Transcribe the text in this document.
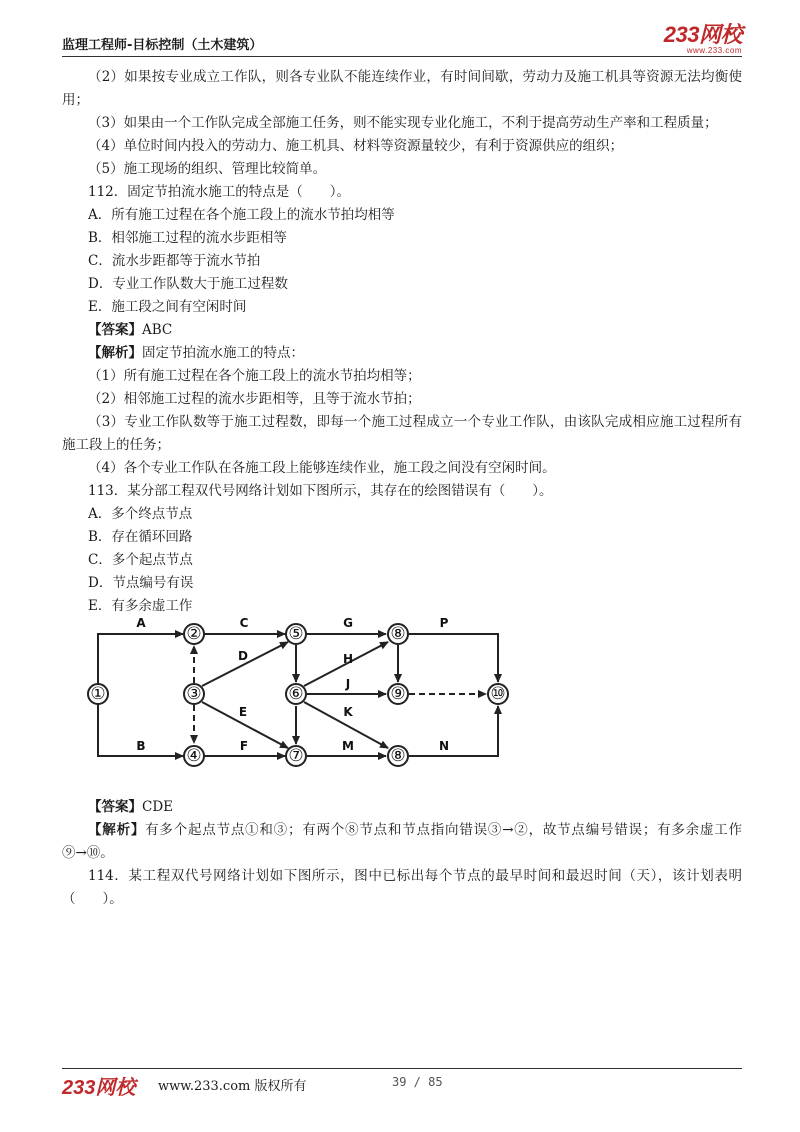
监理工程师-目标控制（土木建筑）	233网校
www.233.com

（2）如果按专业成立工作队，则各专业队不能连续作业，有时间间歇，劳动力及施工机具等资源无法均衡使用；

（3）如果由一个工作队完成全部施工任务，则不能实现专业化施工，不利于提高劳动生产率和工程质量；

（4）单位时间内投入的劳动力、施工机具、材料等资源量较少，有利于资源供应的组织；

（5）施工现场的组织、管理比较简单。

112．固定节拍流水施工的特点是（　　）。

A．所有施工过程在各个施工段上的流水节拍均相等

B．相邻施工过程的流水步距相等

C．流水步距都等于流水节拍

D．专业工作队数大于施工过程数

E．施工段之间有空闲时间

【答案】ABC

【解析】固定节拍流水施工的特点：

（1）所有施工过程在各个施工段上的流水节拍均相等；

（2）相邻施工过程的流水步距相等，且等于流水节拍；

（3）专业工作队数等于施工过程数，即每一个施工过程成立一个专业工作队，由该队完成相应施工过程所有施工段上的任务；

（4）各个专业工作队在各施工段上能够连续作业，施工段之间没有空闲时间。

113．某分部工程双代号网络计划如下图所示，其存在的绘图错误有（　　）。

A．多个终点节点

B．存在循环回路

C．多个起点节点

D．节点编号有误

E．有多余虚工作

①
②
③
④
⑤
⑥
⑦
⑧
⑨	⑩
⑧
A
B
C
D
E
F
G
H
J
K
M	N
P

【答案】CDE

【解析】有多个起点节点①和③；有两个⑧节点和节点指向错误③→②，故节点编号错误；有多余虚工作⑨→⑩。

114．某工程双代号网络计划如下图所示，图中已标出每个节点的最早时间和最迟时间（天），该计划表明（　　）。

233网校 www.233.com 版权所有	39 / 85
